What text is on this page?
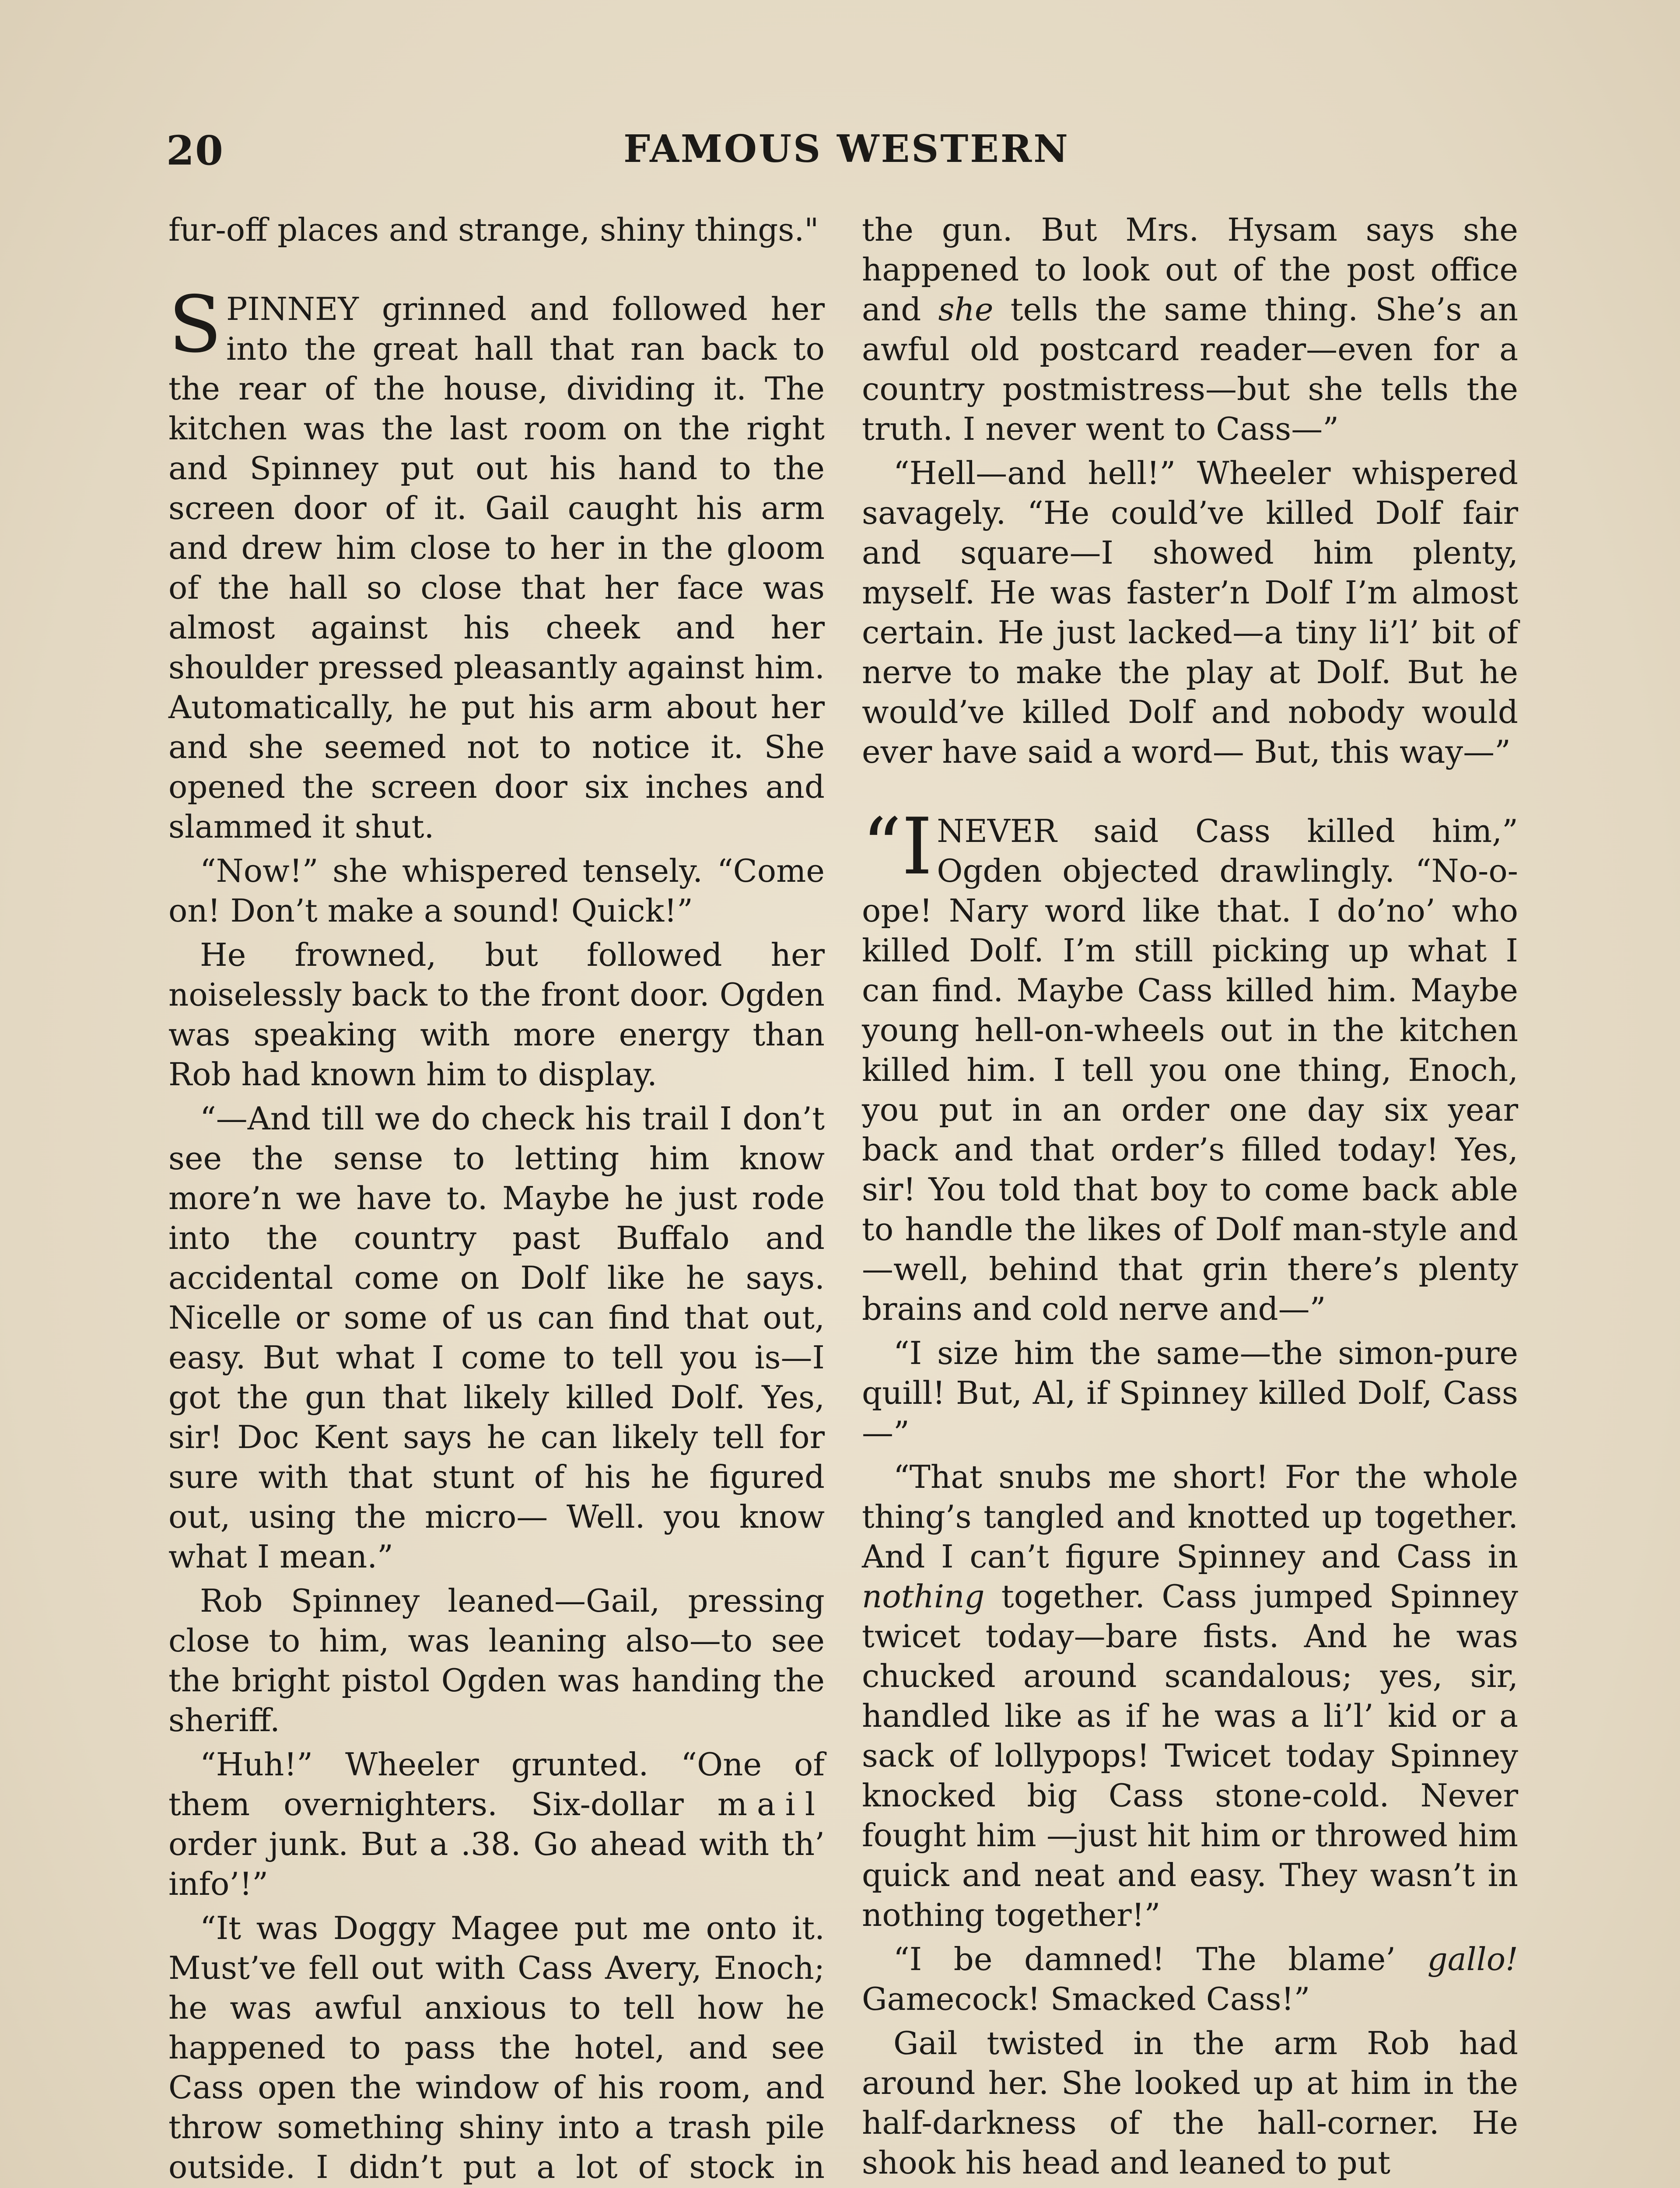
20	FAMOUS WESTERN

fur-off places and strange, shiny things."

SPINNEY grinned and followed her into the great hall that ran back to the rear of the house, dividing it. The kitchen was the last room on the right and Spinney put out his hand to the screen door of it. Gail caught his arm and drew him close to her in the gloom of the hall so close that her face was almost against his cheek and her shoulder pressed pleasantly against him. Automatically, he put his arm about her and she seemed not to notice it. She opened the screen door six inches and slammed it shut.

“Now!” she whispered tensely. “Come on! Don’t make a sound! Quick!”

He frowned, but followed her noiselessly back to the front door. Ogden was speaking with more energy than Rob had known him to display.

“—And till we do check his trail I don’t see the sense to letting him know more’n we have to. Maybe he just rode into the country past Buffalo and accidental come on Dolf like he says. Nicelle or some of us can find that out, easy. But what I come to tell you is—I got the gun that likely killed Dolf. Yes, sir! Doc Kent says he can likely tell for sure with that stunt of his he figured out, using the micro— Well. you know what I mean.”

Rob Spinney leaned—Gail, pressing close to him, was leaning also—to see the bright pistol Ogden was handing the sheriff.

“Huh!” Wheeler grunted. “One of them overnighters. Six-dollar mail order junk. But a .38. Go ahead with th’ info’!”

“It was Doggy Magee put me onto it. Must’ve fell out with Cass Avery, Enoch; he was awful anxious to tell how he happened to pass the hotel, and see Cass open the window of his room, and throw something shiny into a trash pile outside. I didn’t put a lot of stock in

the gun. But Mrs. Hysam says she happened to look out of the post office and she tells the same thing. She’s an awful old postcard reader—even for a country postmistress—but she tells the truth. I never went to Cass—”

“Hell—and hell!” Wheeler whispered savagely. “He could’ve killed Dolf fair and square—I showed him plenty, myself. He was faster’n Dolf I’m almost certain. He just lacked—a tiny li’l’ bit of nerve to make the play at Dolf. But he would’ve killed Dolf and nobody would ever have said a word— But, this way—”

“INEVER said Cass killed him,” Ogden objected drawlingly. “No-o-ope! Nary word like that. I do’no’ who killed Dolf. I’m still picking up what I can find. Maybe Cass killed him. Maybe young hell-on-wheels out in the kitchen killed him. I tell you one thing, Enoch, you put in an order one day six year back and that order’s filled today! Yes, sir! You told that boy to come back able to handle the likes of Dolf man-style and—well, behind that grin there’s plenty brains and cold nerve and—”

“I size him the same—the simon-pure quill! But, Al, if Spinney killed Dolf, Cass—”

“That snubs me short! For the whole thing’s tangled and knotted up together. And I can’t figure Spinney and Cass in nothing together. Cass jumped Spinney twicet today—bare fists. And he was chucked around scandalous; yes, sir, handled like as if he was a li’l’ kid or a sack of lollypops! Twicet today Spinney knocked big Cass stone-cold. Never fought him —just hit him or throwed him quick and neat and easy. They wasn’t in nothing together!”

“I be damned! The blame’ gallo! Gamecock! Smacked Cass!”

Gail twisted in the arm Rob had around her. She looked up at him in the half-darkness of the hall-corner. He shook his head and leaned to put
